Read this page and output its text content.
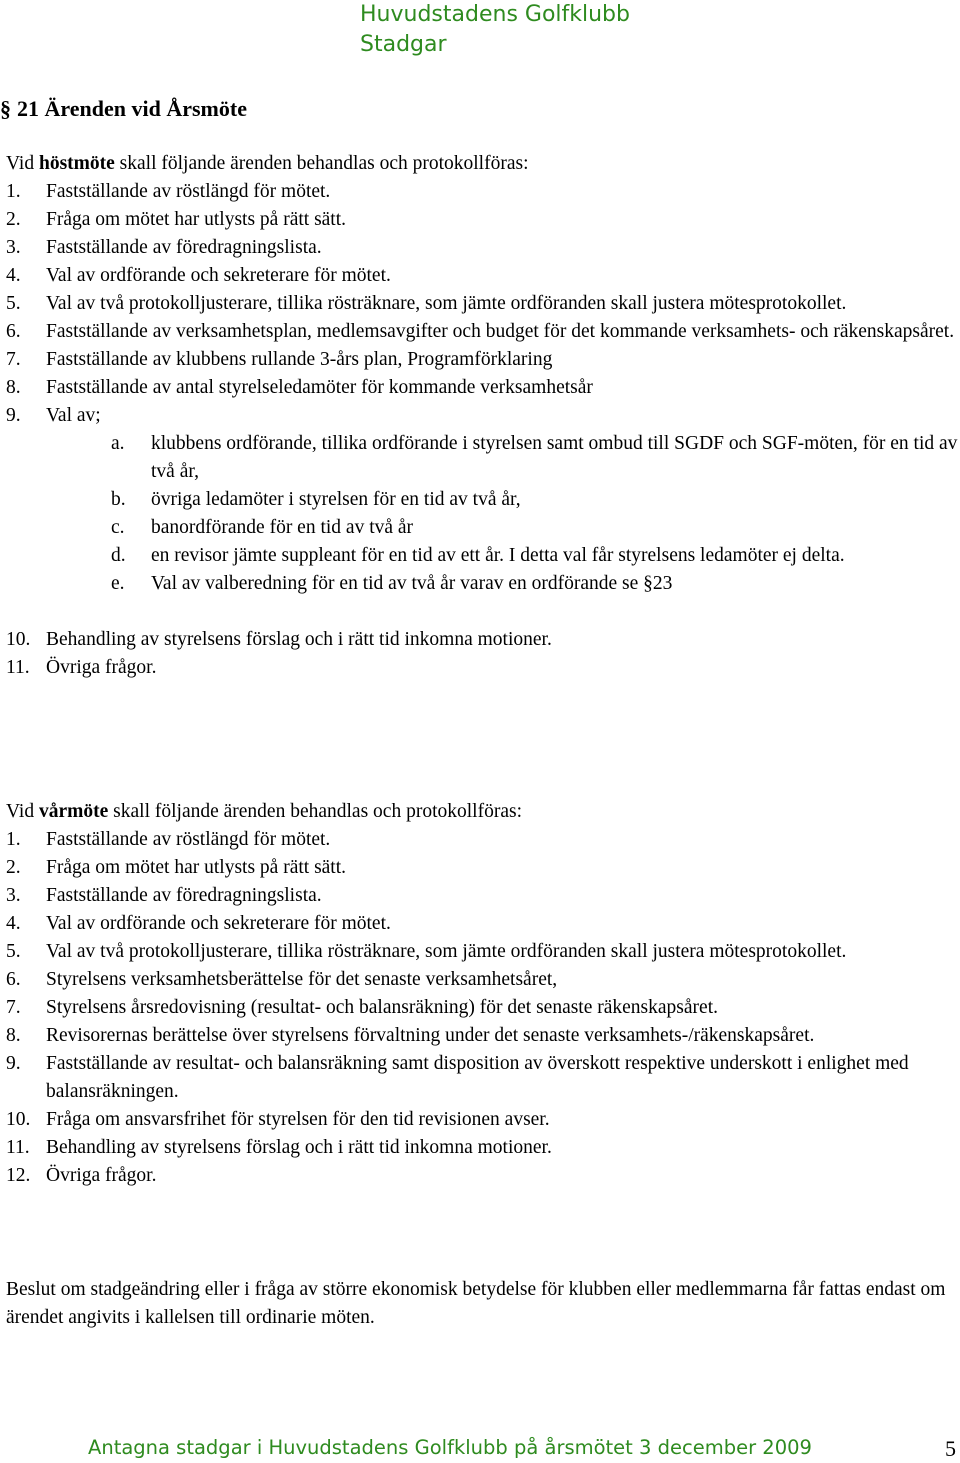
Huvudstadens Golfklubb
Stadgar
§ 21 Ärenden vid Årsmöte
Vid höstmöte skall följande ärenden behandlas och protokollföras:
1.	Fastställande av röstlängd för mötet.
2.	Fråga om mötet har utlysts på rätt sätt.
3.	Fastställande av föredragningslista.
4.	Val av ordförande och sekreterare för mötet.
5.	Val av två protokolljusterare, tillika rösträknare, som jämte ordföranden skall justera mötesprotokollet.
6.	Fastställande av verksamhetsplan, medlemsavgifter och budget för det kommande verksamhets- och räkenskapsåret.
7.	Fastställande av klubbens rullande 3-års plan, Programförklaring
8.	Fastställande av antal styrelseledamöter för kommande verksamhetsår
9.	Val av;
a.	klubbens ordförande, tillika ordförande i styrelsen samt ombud till SGDF och SGF-möten, för en tid av två år,
b.	övriga ledamöter i styrelsen för en tid av två år,
c.	banordförande för en tid av två år
d.	en revisor jämte suppleant för en tid av ett år. I detta val får styrelsens ledamöter ej delta.
e.	Val av valberedning för en tid av två år varav en ordförande se §23
10. Behandling av styrelsens förslag och i rätt tid inkomna motioner.
11. Övriga frågor.
Vid vårmöte skall följande ärenden behandlas och protokollföras:
1.	Fastställande av röstlängd för mötet.
2.	Fråga om mötet har utlysts på rätt sätt.
3.	Fastställande av föredragningslista.
4.	Val av ordförande och sekreterare för mötet.
5.	Val av två protokolljusterare, tillika rösträknare, som jämte ordföranden skall justera mötesprotokollet.
6.	Styrelsens verksamhetsberättelse för det senaste verksamhetsåret,
7.	Styrelsens årsredovisning (resultat- och balansräkning) för det senaste räkenskapsåret.
8.	Revisorernas berättelse över styrelsens förvaltning under det senaste verksamhets-/räkenskapsåret.
9.	Fastställande av resultat- och balansräkning samt disposition av överskott respektive underskott i enlighet med balansräkningen.
10. Fråga om ansvarsfrihet för styrelsen för den tid revisionen avser.
11. Behandling av styrelsens förslag och i rätt tid inkomna motioner.
12. Övriga frågor.
Beslut om stadgeändring eller i fråga av större ekonomisk betydelse för klubben eller medlemmarna får fattas endast om ärendet angivits i kallelsen till ordinarie möten.
Antagna stadgar i Huvudstadens Golfklubb på årsmötet 3 december 2009	5
